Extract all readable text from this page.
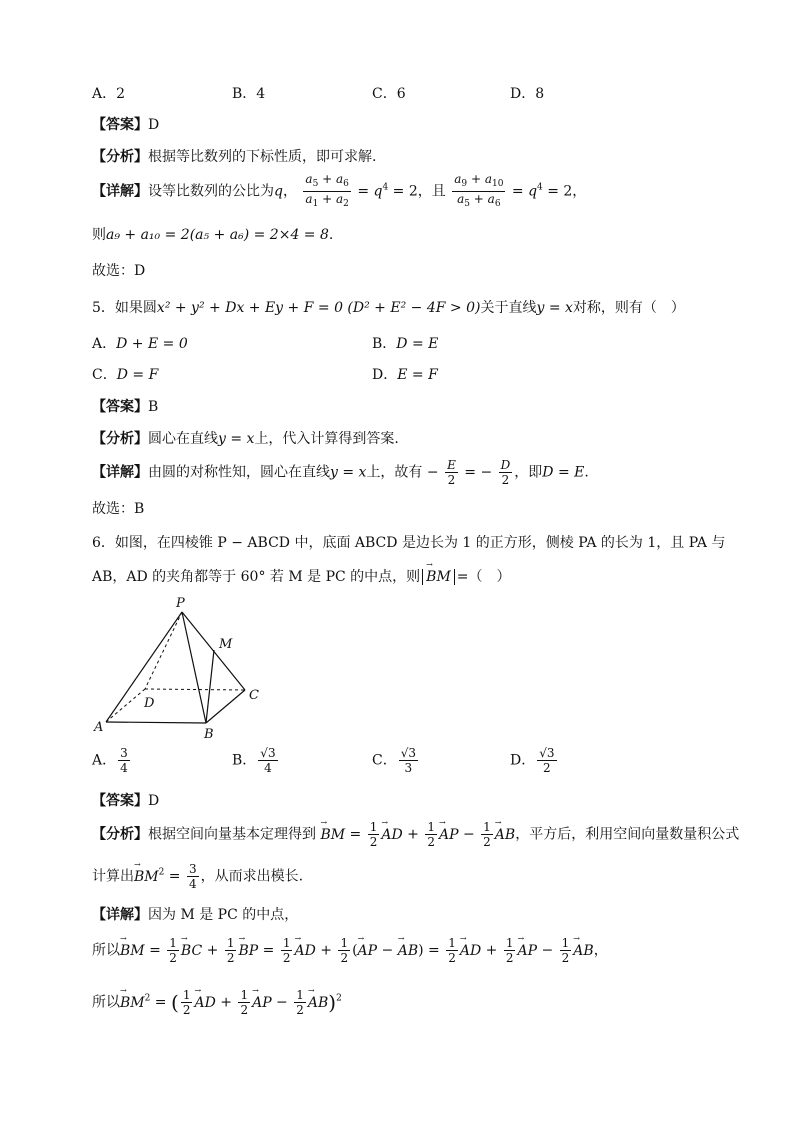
A．2	B．4	C．6	D．8
【答案】D
【分析】根据等比数列的下标性质，即可求解.
【详解】设等比数列的公比为q， $\frac{a_5 + a_6}{a_1 + a_2} = q^4 = 2$，且 $\frac{a_9 + a_{10}}{a_5 + a_6} = q^4 = 2$，
则a₉ + a₁₀ = 2(a₅ + a₆) = 2×4 = 8.
故选：D
5．如果圆x² + y² + Dx + Ey + F = 0 (D² + E² − 4F > 0)关于直线y = x对称，则有（　）
A．D + E = 0	B．D = E
C．D = F	D．E = F
【答案】B
【分析】圆心在直线y = x上，代入计算得到答案.
【详解】由圆的对称性知，圆心在直线y = x上，故有 − $\frac{E}{2}$ = − $\frac{D}{2}$ ，即D = E.
故选：B
6．如图，在四棱锥 P − ABCD 中，底面 ABCD 是边长为 1 的正方形，侧棱 PA 的长为 1，且 PA 与
AB，AD 的夹角都等于 60° 若 M 是 PC 的中点，则 BM
→
=（　）
P
M
D
C
A	B
A． $\frac{3}{4}$	B． $\frac{√3}{4}$	C． $\frac{√3}{3}$	D． $\frac{√3}{2}$
【答案】D
【分析】根据空间向量基本定理得到 BM
→
= $\frac{1}{2}$ AD
→
+ $\frac{1}{2}$ AP
→
− $\frac{1}{2}$ AB
→
，平方后，利用空间向量数量积公式
计算出BM
→
$^2 = \frac{3}{4}$ ，从而求出模长.
【详解】因为 M 是 PC 的中点，
所以BM
→
= $\frac{1}{2}$ BC
→
+ $\frac{1}{2}$ BP
→
= $\frac{1}{2}$ AD
→
+ $\frac{1}{2} (AP$
→
− AB
→
) = $\frac{1}{2}$ AD
→
+ $\frac{1}{2}$ AP
→
− $\frac{1}{2}$ AB
→
，
所以BM
→
$^2$ = ( $\frac{1}{2}$ AD
→
+ $\frac{1}{2}$ AP
→
− $\frac{1}{2}$ AB
→
)$^2$
